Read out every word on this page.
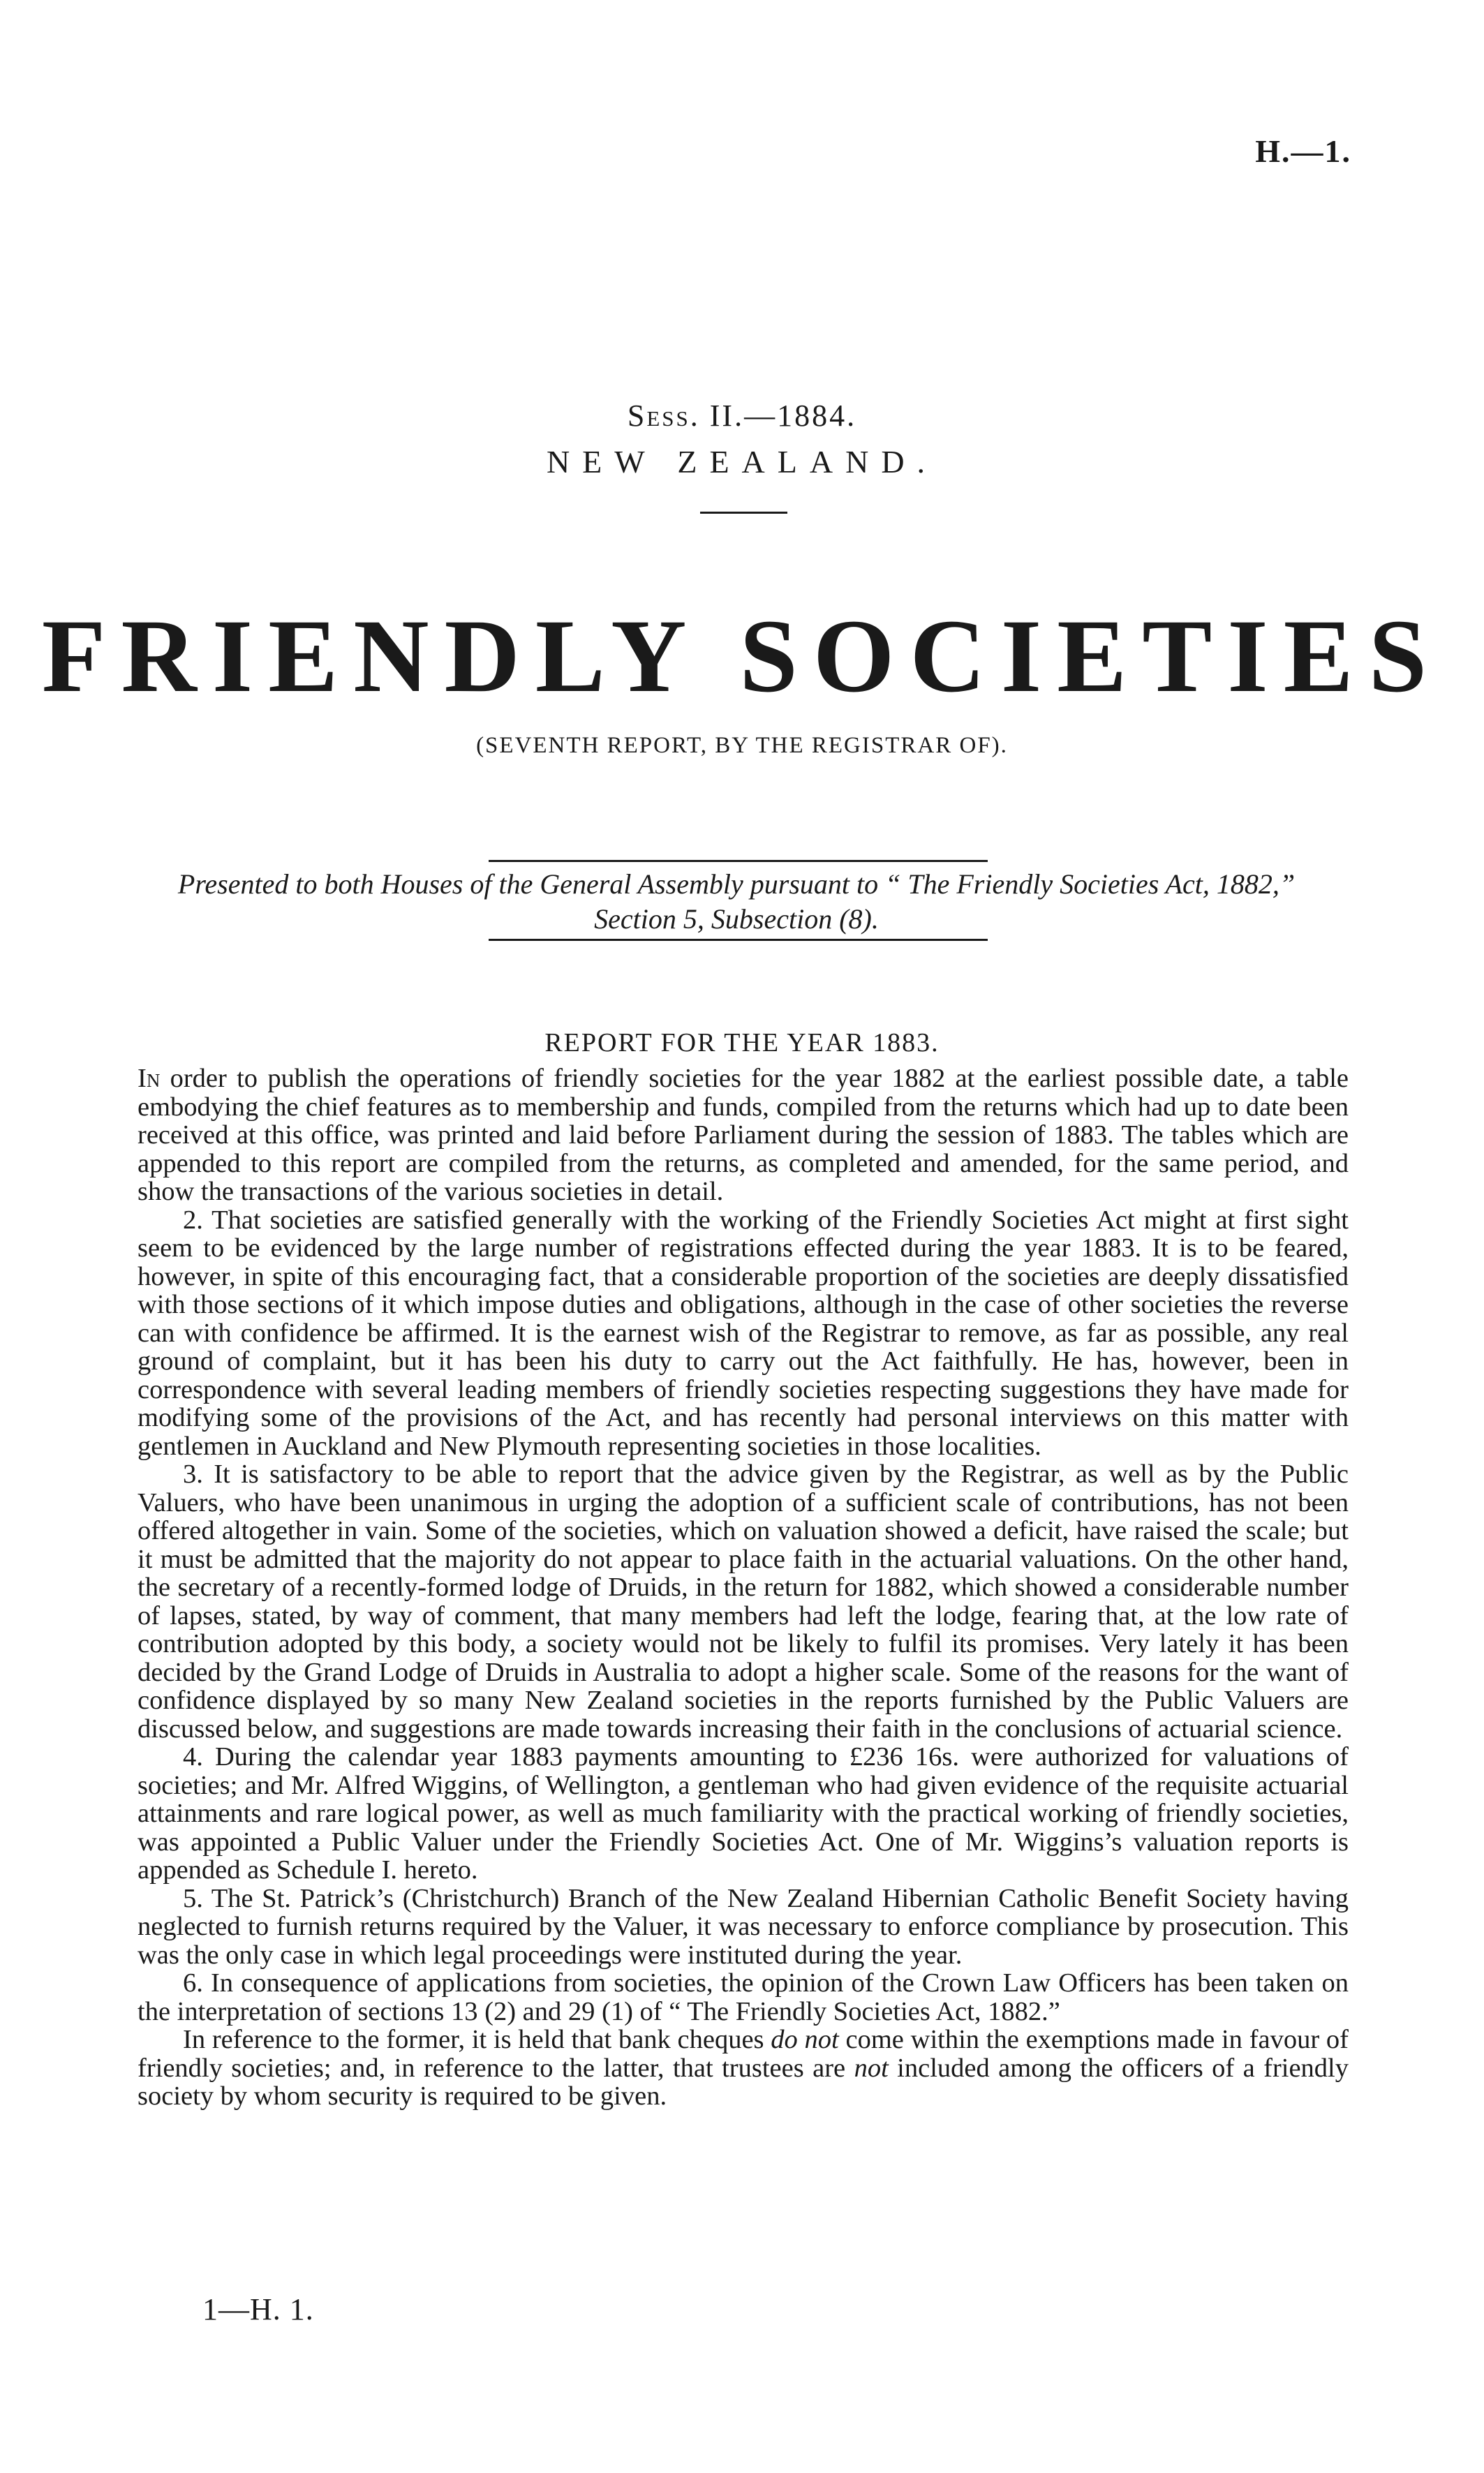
H.—1.
Sess. II.—1884.
NEW ZEALAND.
FRIENDLY SOCIETIES
(SEVENTH REPORT, BY THE REGISTRAR OF).
Presented to both Houses of the General Assembly pursuant to “ The Friendly Societies Act, 1882,”
Section 5, Subsection (8).
REPORT FOR THE YEAR 1883.

In order to publish the operations of friendly societies for the year 1882 at the earliest possible date, a table embodying the chief features as to membership and funds, compiled from the returns which had up to date been received at this office, was printed and laid before Parliament during the session of 1883. The tables which are appended to this report are compiled from the returns, as completed and amended, for the same period, and show the transactions of the various societies in detail.

2. That societies are satisfied generally with the working of the Friendly Societies Act might at first sight seem to be evidenced by the large number of registrations effected during the year 1883. It is to be feared, however, in spite of this encouraging fact, that a considerable proportion of the societies are deeply dissatisfied with those sections of it which impose duties and obligations, although in the case of other societies the reverse can with confidence be affirmed. It is the earnest wish of the Registrar to remove, as far as possible, any real ground of complaint, but it has been his duty to carry out the Act faithfully. He has, however, been in correspondence with several leading members of friendly societies respecting suggestions they have made for modifying some of the provisions of the Act, and has recently had personal interviews on this matter with gentlemen in Auckland and New Plymouth representing societies in those localities.

3. It is satisfactory to be able to report that the advice given by the Registrar, as well as by the Public Valuers, who have been unanimous in urging the adoption of a sufficient scale of contributions, has not been offered altogether in vain. Some of the societies, which on valuation showed a deficit, have raised the scale; but it must be admitted that the majority do not appear to place faith in the actuarial valuations. On the other hand, the secretary of a recently-formed lodge of Druids, in the return for 1882, which showed a considerable number of lapses, stated, by way of comment, that many members had left the lodge, fearing that, at the low rate of contribution adopted by this body, a society would not be likely to fulfil its promises. Very lately it has been decided by the Grand Lodge of Druids in Australia to adopt a higher scale. Some of the reasons for the want of confidence displayed by so many New Zealand societies in the reports furnished by the Public Valuers are discussed below, and suggestions are made towards increasing their faith in the conclusions of actuarial science.

4. During the calendar year 1883 payments amounting to £236 16s. were authorized for valuations of societies; and Mr. Alfred Wiggins, of Wellington, a gentleman who had given evidence of the requisite actuarial attainments and rare logical power, as well as much familiarity with the practical working of friendly societies, was appointed a Public Valuer under the Friendly Societies Act. One of Mr. Wiggins’s valuation reports is appended as Schedule I. hereto.

5. The St. Patrick’s (Christchurch) Branch of the New Zealand Hibernian Catholic Benefit Society having neglected to furnish returns required by the Valuer, it was necessary to enforce compliance by prosecution. This was the only case in which legal proceedings were instituted during the year.

6. In consequence of applications from societies, the opinion of the Crown Law Officers has been taken on the interpretation of sections 13 (2) and 29 (1) of “ The Friendly Societies Act, 1882.”

In reference to the former, it is held that bank cheques do not come within the exemptions made in favour of friendly societies; and, in reference to the latter, that trustees are not included among the officers of a friendly society by whom security is required to be given.

1—H. 1.
